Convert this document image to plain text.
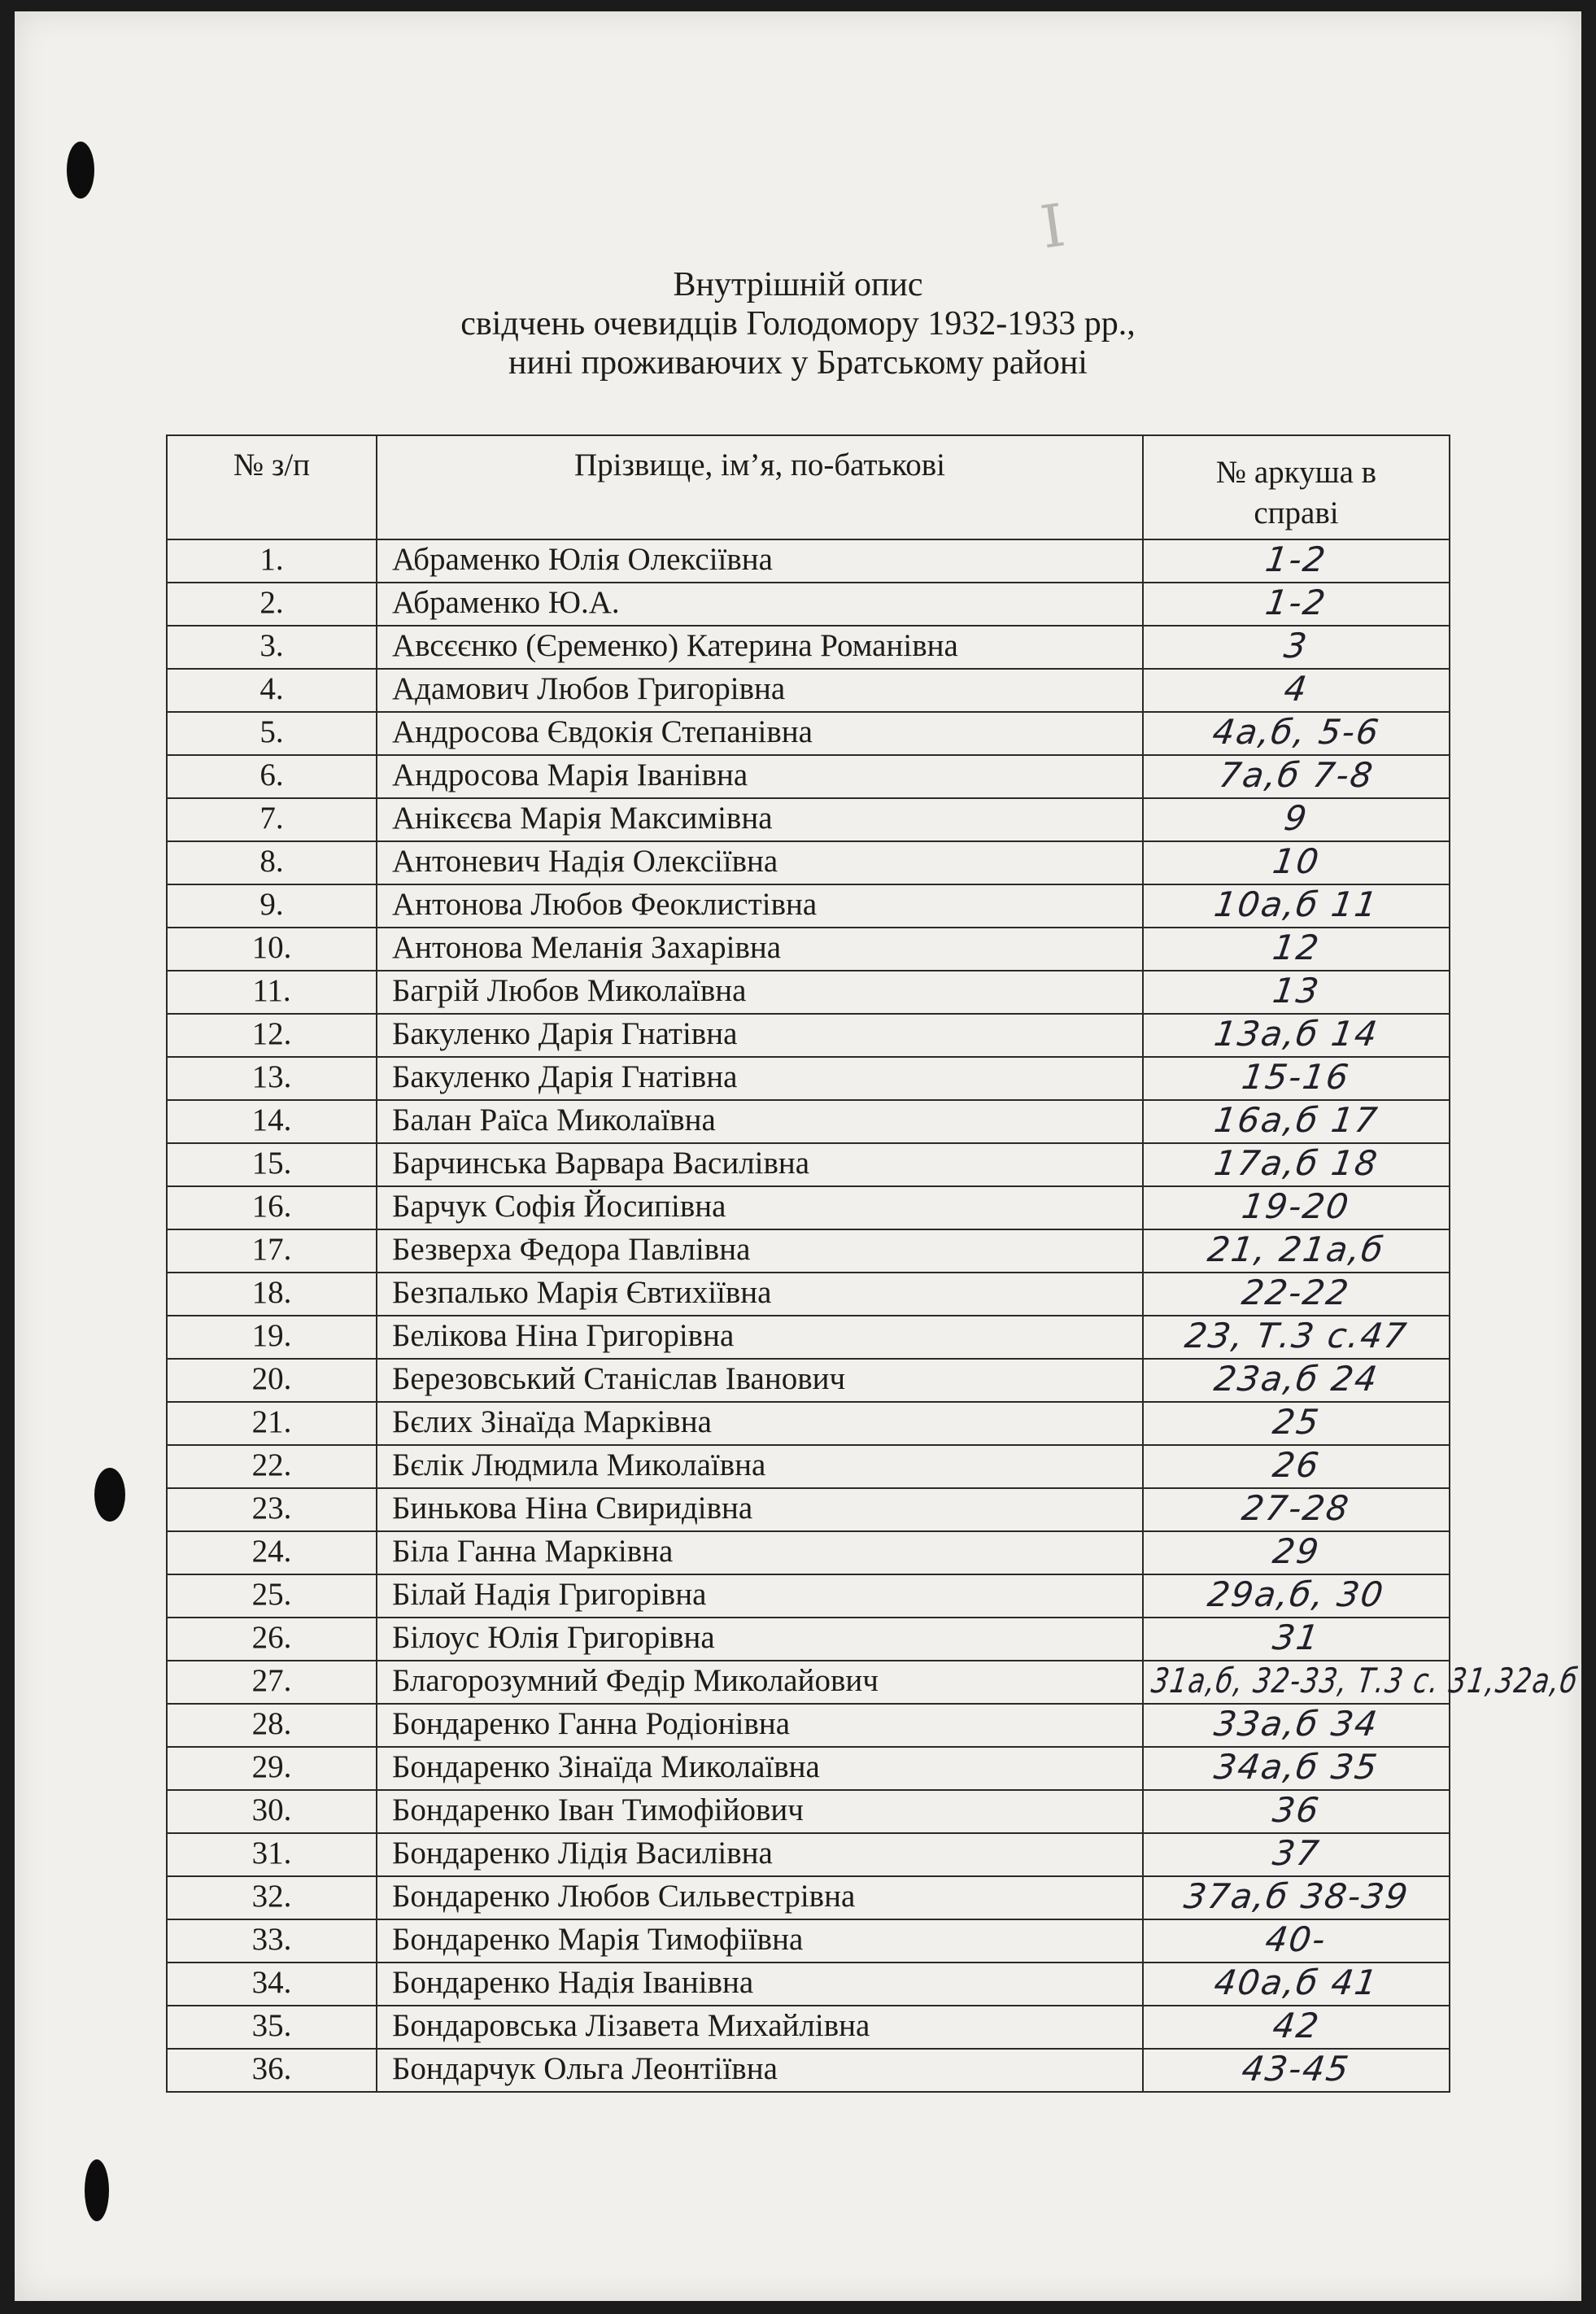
I
Внутрішній опис
свідчень очевидців Голодомору 1932-1933 рр.,
нині проживаючих у Братському районі
№ з/п	Прізвище, ім’я, по-батькові	№ аркуша в справі
1.	Абраменко Юлія Олексіївна	1-2
2.	Абраменко Ю.А.	1-2
3.	Авсєєнко (Єременко) Катерина Романівна	3
4.	Адамович Любов Григорівна	4
5.	Андросова Євдокія Степанівна	4а,б, 5-6
6.	Андросова Марія Іванівна	7а,б 7-8
7.	Анікєєва Марія Максимівна	9
8.	Антоневич Надія Олексіївна	10
9.	Антонова Любов Феоклистівна	10а,б 11
10.	Антонова Меланія Захарівна	12
11.	Багрій Любов Миколаївна	13
12.	Бакуленко Дарія Гнатівна	13а,б 14
13.	Бакуленко Дарія Гнатівна	15-16
14.	Балан Раїса Миколаївна	16а,б 17
15.	Барчинська Варвара Василівна	17а,б 18
16.	Барчук Софія Йосипівна	19-20
17.	Безверха Федора Павлівна	21, 21а,б
18.	Безпалько Марія Євтихіївна	22-22
19.	Белікова Ніна Григорівна	23, Т.3 с.47
20.	Березовський Станіслав Іванович	23а,б 24
21.	Бєлих Зінаїда Марківна	25
22.	Бєлік Людмила Миколаївна	26
23.	Бинькова Ніна Свиридівна	27-28
24.	Біла Ганна Марківна	29
25.	Білай Надія Григорівна	29а,б, 30
26.	Білоус Юлія Григорівна	31
27.	Благорозумний Федір Миколайович	31а,б, 32-33, Т.3 с. 31,32а,б
28.	Бондаренко Ганна Родіонівна	33а,б 34
29.	Бондаренко Зінаїда Миколаївна	34а,б 35
30.	Бондаренко Іван Тимофійович	36
31.	Бондаренко Лідія Василівна	37
32.	Бондаренко Любов Сильвестрівна	37а,б 38-39
33.	Бондаренко Марія Тимофіївна	40-
34.	Бондаренко Надія Іванівна	40а,б 41
35.	Бондаровська Лізавета Михайлівна	42
36.	Бондарчук Ольга Леонтіївна	43-45
